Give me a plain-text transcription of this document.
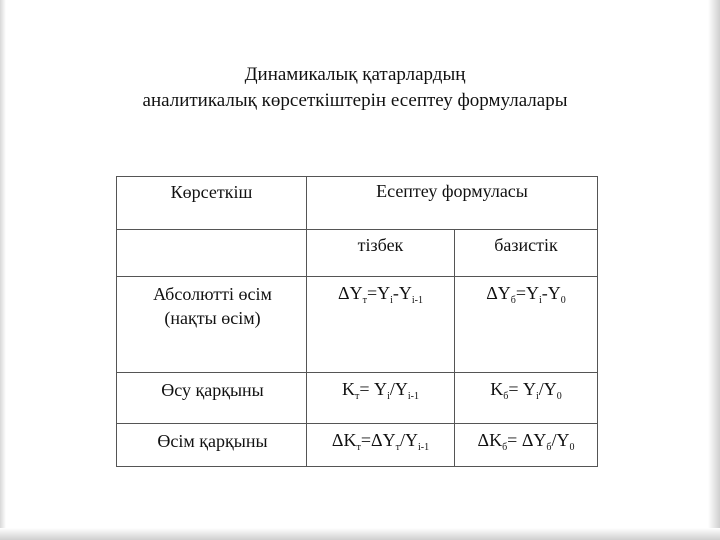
Динамикалық қатарлардың
аналитикалық көрсеткіштерін есептеу формулалары
Көрсеткіш	Есептеу формуласы	

	тізбек	базистік

Абсолютті өсім
(нақты өсім)	$\Delta Y_т=Y_i-Y_{i-1}$	$\Delta Y_б=Y_i-Y_0$

Өсу қарқыны	$K_т= Y_i/Y_{i-1}$	$K_б= Y_i/Y_0$

Өсім қарқыны	$\Delta K_т=\Delta Y_т/Y_{i-1}$	$\Delta K_б= \Delta Y_б/Y_0$
